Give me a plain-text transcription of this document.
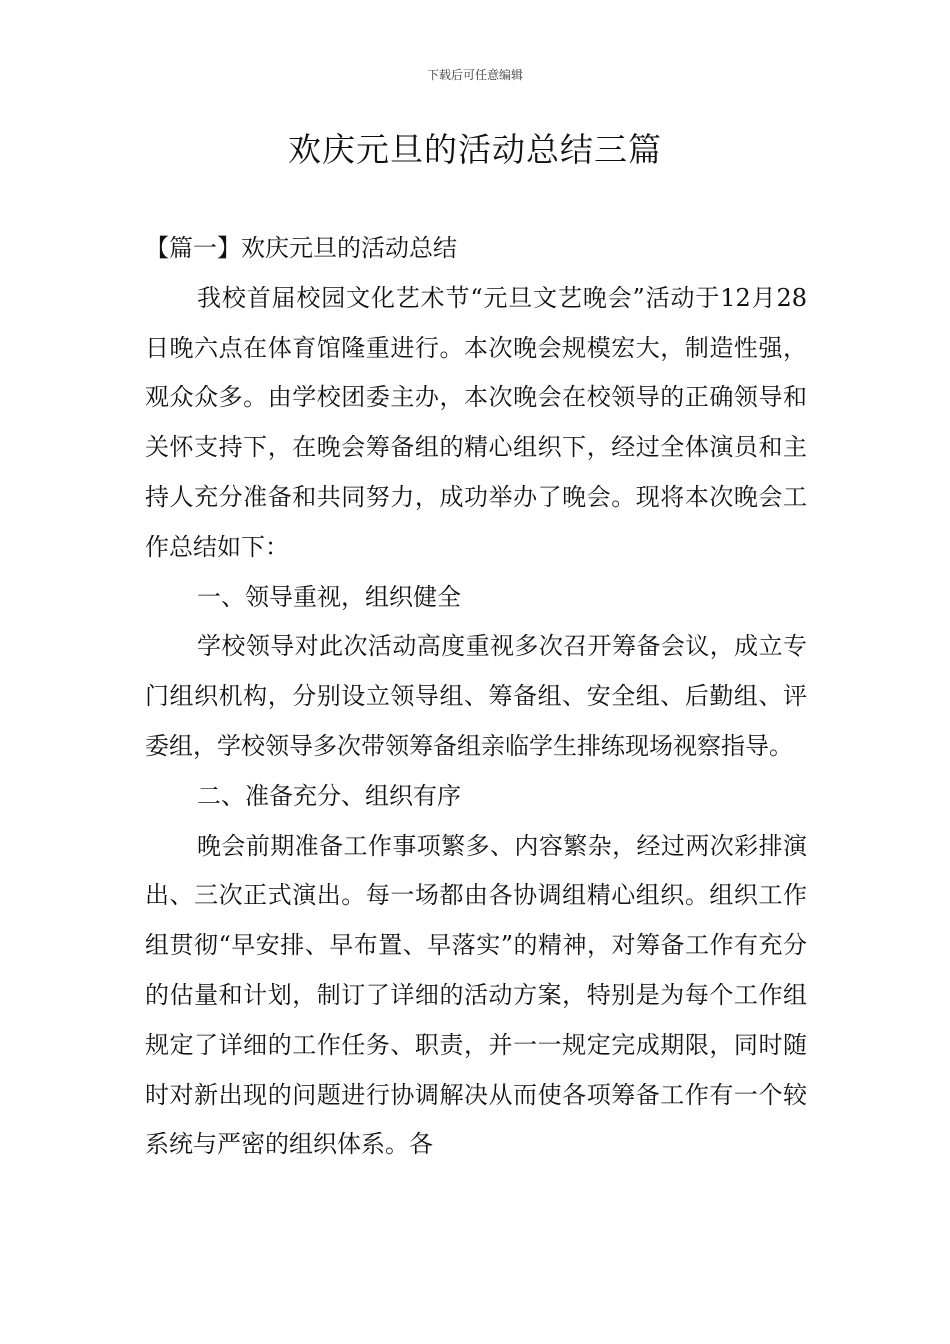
下载后可任意编辑
欢庆元旦的活动总结三篇

【篇一】欢庆元旦的活动总结

我校首届校园文化艺术节“元旦文艺晚会”活动于12月28日晚六点在体育馆隆重进行。本次晚会规模宏大，制造性强，观众众多。由学校团委主办，本次晚会在校领导的正确领导和关怀支持下，在晚会筹备组的精心组织下，经过全体演员和主持人充分准备和共同努力，成功举办了晚会。现将本次晚会工作总结如下：

一、领导重视，组织健全

学校领导对此次活动高度重视多次召开筹备会议，成立专门组织机构，分别设立领导组、筹备组、安全组、后勤组、评委组，学校领导多次带领筹备组亲临学生排练现场视察指导。

二、准备充分、组织有序

晚会前期准备工作事项繁多、内容繁杂，经过两次彩排演出、三次正式演出。每一场都由各协调组精心组织。组织工作组贯彻“早安排、早布置、早落实”的精神，对筹备工作有充分的估量和计划，制订了详细的活动方案，特别是为每个工作组规定了详细的工作任务、职责，并一一规定完成期限，同时随时对新出现的问题进行协调解决从而使各项筹备工作有一个较系统与严密的组织体系。各
